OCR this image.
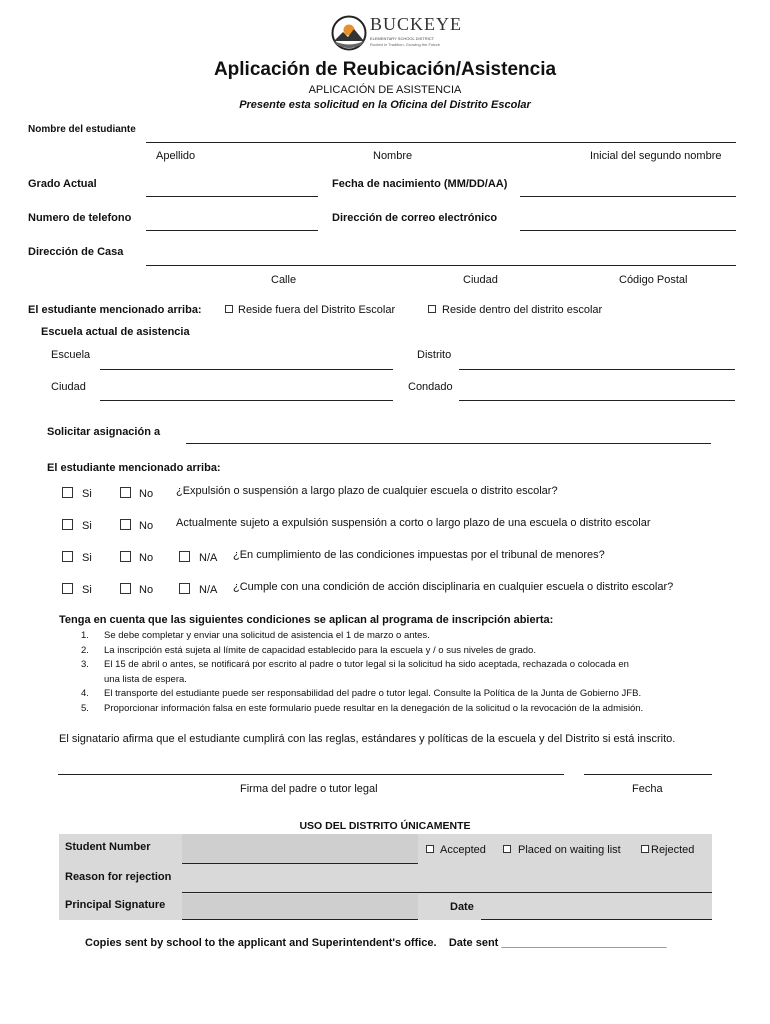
BUCKEYE
ELEMENTARY SCHOOL DISTRICT
Rooted in Tradition, Growing the Future
Aplicación de Reubicación/Asistencia
APLICACIÓN DE ASISTENCIA
Presente esta solicitud en la Oficina del Distrito Escolar
Nombre del estudiante
Apellido	Nombre	Inicial del segundo nombre
Grado Actual	Fecha de nacimiento (MM/DD/AA)
Numero de telefono	Dirección de correo electrónico
Dirección de Casa
Calle	Ciudad	Código Postal
El estudiante mencionado arriba:	Reside fuera del Distrito Escolar	Reside dentro del distrito escolar
Escuela actual de asistencia
Escuela	Distrito
Ciudad	Condado
Solicitar asignación a
El estudiante mencionado arriba:
Si	No ¿Expulsión o suspensión a largo plazo de cualquier escuela o distrito escolar?
Si	No Actualmente sujeto a expulsión suspensión a corto o largo plazo de una escuela o distrito escolar
Si	No	N/A ¿En cumplimiento de las condiciones impuestas por el tribunal de menores?
Si	No	N/A ¿Cumple con una condición de acción disciplinaria en cualquier escuela o distrito escolar?
Tenga en cuenta que las siguientes condiciones se aplican al programa de inscripción abierta:
1. Se debe completar y enviar una solicitud de asistencia el 1 de marzo o antes.
2. La inscripción está sujeta al límite de capacidad establecido para la escuela y / o sus niveles de grado.
3. El 15 de abril o antes, se notificará por escrito al padre o tutor legal si la solicitud ha sido aceptada, rechazada o colocada en
una lista de espera.
4. El transporte del estudiante puede ser responsabilidad del padre o tutor legal. Consulte la Política de la Junta de Gobierno JFB.
5. Proporcionar información falsa en este formulario puede resultar en la denegación de la solicitud o la revocación de la admisión.
El signatario afirma que el estudiante cumplirá con las reglas, estándares y políticas de la escuela y del Distrito si está inscrito.
Firma del padre o tutor legal	Fecha
USO DEL DISTRITO ÚNICAMENTE
Student Number	Accepted	Placed on waiting list	Rejected
Reason for rejection
Principal Signature	Date
Copies sent by school to the applicant and Superintendent's office.    Date sent ___________________________
